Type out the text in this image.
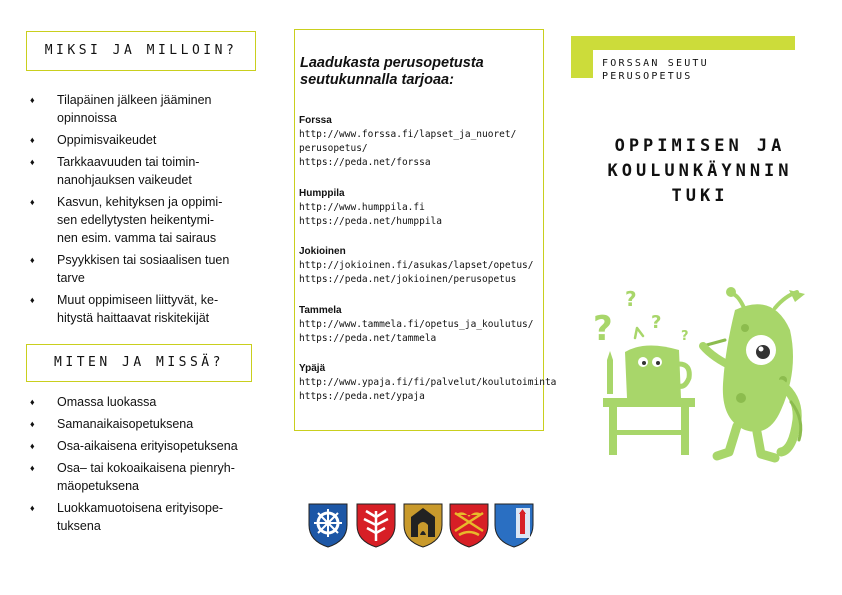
MIKSI JA MILLOIN?
♦ Tilapäinen jälkeen jääminen
opinnoissa
♦ Oppimisvaikeudet
♦ Tarkkaavuuden tai toimin-
nanohjauksen vaikeudet
♦ Kasvun, kehityksen ja oppimi-
sen edellytysten heikentymi-
nen esim. vamma tai sairaus
♦ Psyykkisen tai sosiaalisen tuen
tarve
♦ Muut oppimiseen liittyvät, ke-
hitystä haittaavat riskitekijät
MITEN JA MISSÄ?
♦ Omassa luokassa
♦ Samanaikaisopetuksena
♦ Osa-aikaisena erityisopetuksena
♦ Osa– tai kokoaikaisena pienryh-
mäopetuksena
♦ Luokkamuotoisena erityisope-
tuksena
Laadukasta perusopetusta
seutukunnalla tarjoaa:
Forssa
http://www.forssa.fi/lapset_ja_nuoret/
perusopetus/
https://peda.net/forssa
Humppila
http://www.humppila.fi
https://peda.net/humppila
Jokioinen
http://jokioinen.fi/asukas/lapset/opetus/
https://peda.net/jokioinen/perusopetus
Tammela
http://www.tammela.fi/opetus_ja_koulutus/
https://peda.net/tammela
Ypäjä
http://www.ypaja.fi/fi/palvelut/koulutoiminta
https://peda.net/ypaja
FORSSAN SEUTU
PERUSOPETUS
OPPIMISEN JA
KOULUNKÄYNNIN
TUKI
?
?
?
?
